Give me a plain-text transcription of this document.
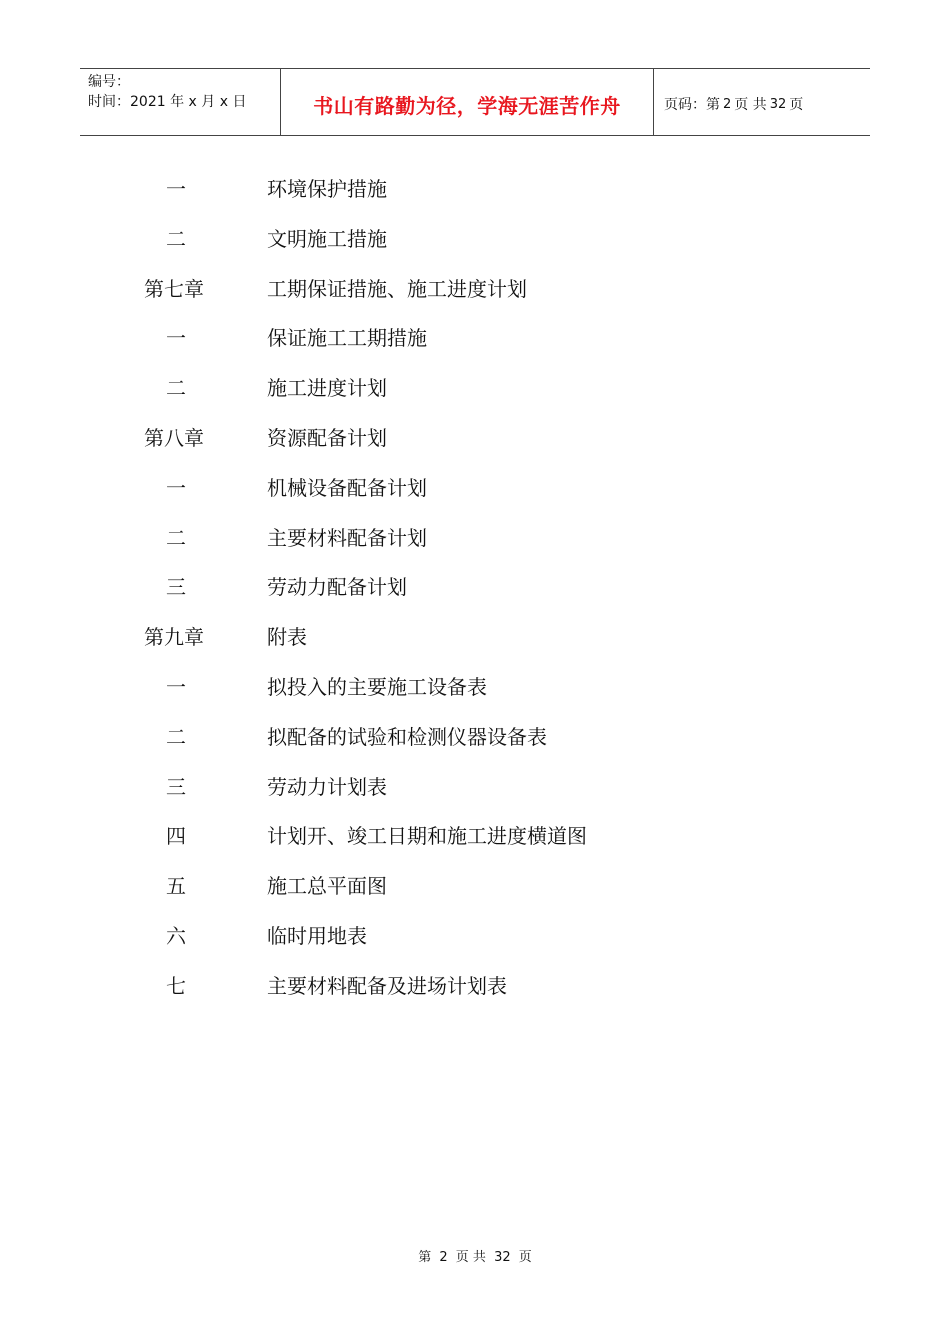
编号：
时间：2021 年 x 月 x 日	书山有路勤为径，学海无涯苦作舟	页码：第 2 页 共 32 页
一	环境保护措施
二	文明施工措施
第七章	工期保证措施、施工进度计划
一	保证施工工期措施
二	施工进度计划
第八章	资源配备计划
一	机械设备配备计划
二	主要材料配备计划
三	劳动力配备计划
第九章	附表
一	拟投入的主要施工设备表
二	拟配备的试验和检测仪器设备表
三	劳动力计划表
四	计划开、竣工日期和施工进度横道图
五	施工总平面图
六	临时用地表
七	主要材料配备及进场计划表
第 2 页 共 32 页
